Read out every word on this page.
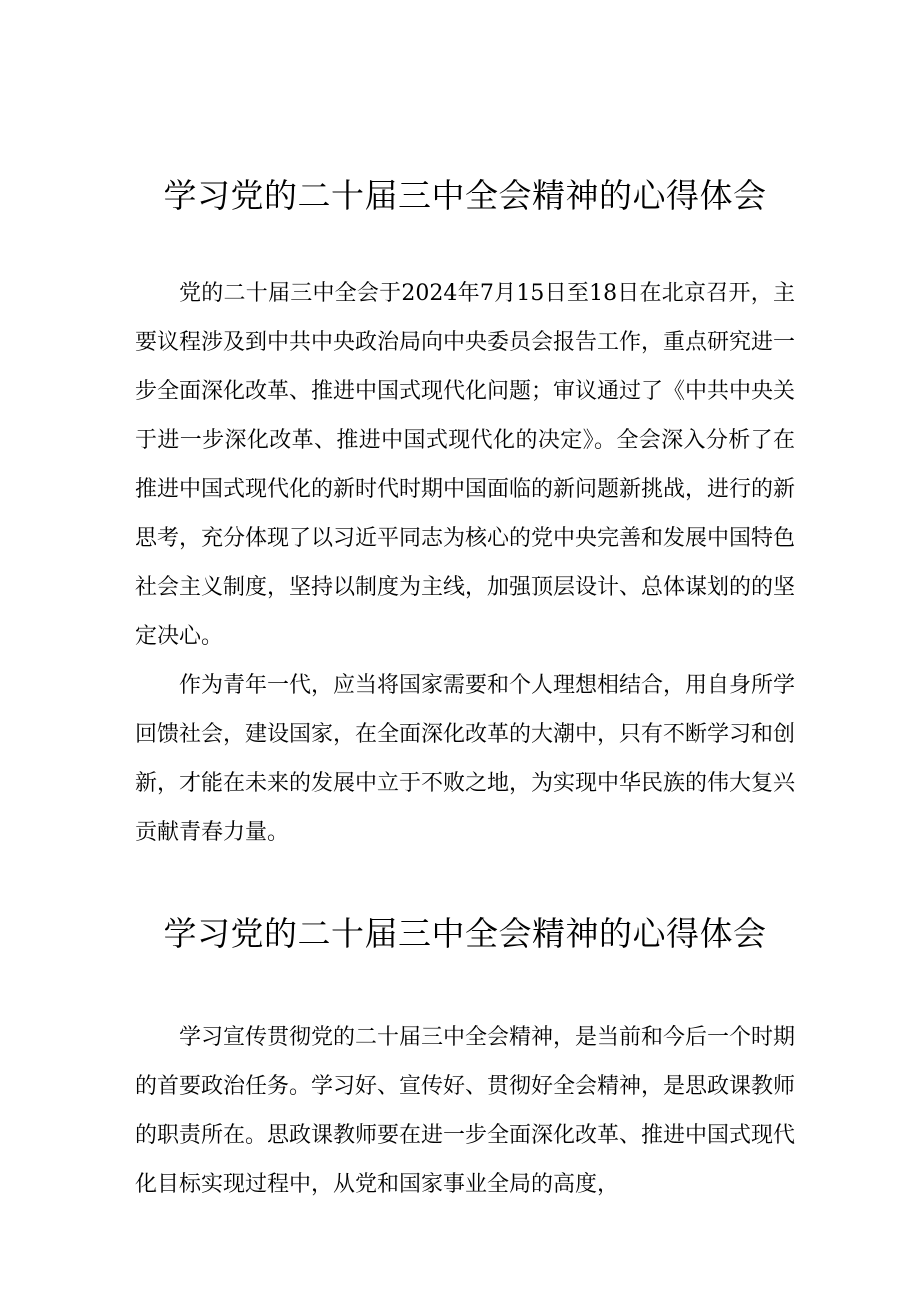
学习党的二十届三中全会精神的心得体会

党的二十届三中全会于2024年7月15日至18日在北京召开，主要议程涉及到中共中央政治局向中央委员会报告工作，重点研究进一步全面深化改革、推进中国式现代化问题；审议通过了《中共中央关于进一步深化改革、推进中国式现代化的决定》。全会深入分析了在推进中国式现代化的新时代时期中国面临的新问题新挑战，进行的新思考，充分体现了以习近平同志为核心的党中央完善和发展中国特色社会主义制度，坚持以制度为主线，加强顶层设计、总体谋划的的坚定决心。

作为青年一代，应当将国家需要和个人理想相结合，用自身所学回馈社会，建设国家，在全面深化改革的大潮中，只有不断学习和创新，才能在未来的发展中立于不败之地，为实现中华民族的伟大复兴贡献青春力量。

学习党的二十届三中全会精神的心得体会

学习宣传贯彻党的二十届三中全会精神，是当前和今后一个时期的首要政治任务。学习好、宣传好、贯彻好全会精神，是思政课教师的职责所在。思政课教师要在进一步全面深化改革、推进中国式现代化目标实现过程中，从党和国家事业全局的高度，
